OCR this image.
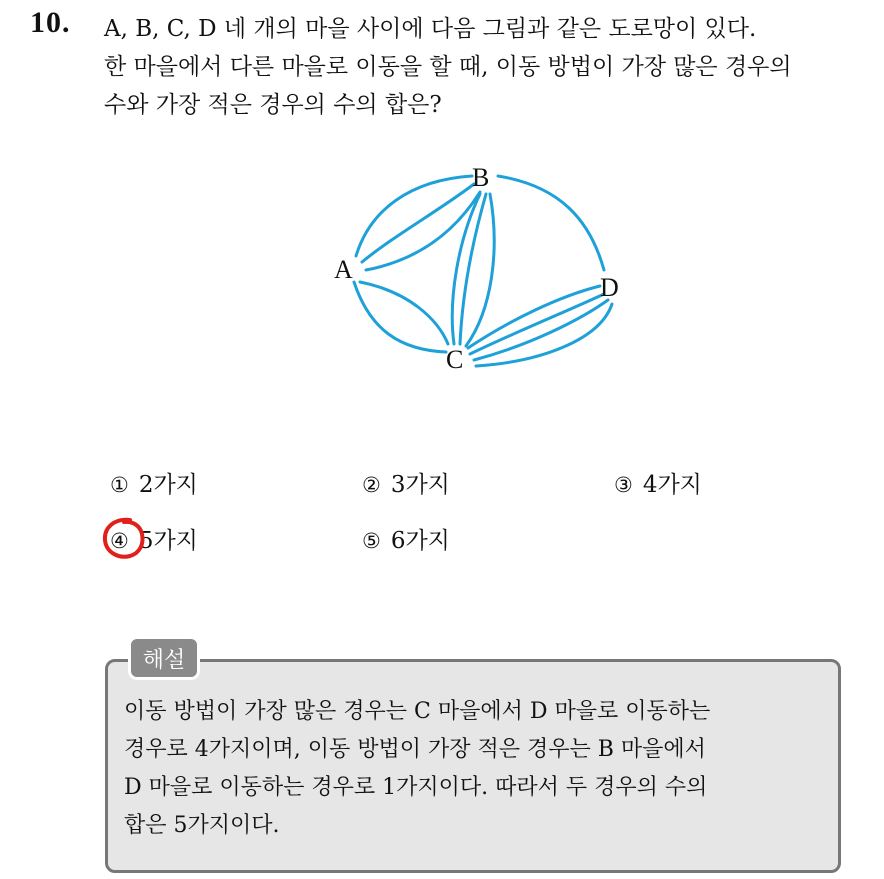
10. A, B, C, D 네 개의 마을 사이에 다음 그림과 같은 도로망이 있다.
한 마을에서 다른 마을로 이동을 할 때, 이동 방법이 가장 많은 경우의
수와 가장 적은 경우의 수의 합은?
A
B
C
D
① 2가지	② 3가지	③ 4가지
④ 5가지	⑤ 6가지
해설
이동 방법이 가장 많은 경우는 C 마을에서 D 마을로 이동하는
경우로 4가지이며, 이동 방법이 가장 적은 경우는 B 마을에서
D 마을로 이동하는 경우로 1가지이다. 따라서 두 경우의 수의
합은 5가지이다.
